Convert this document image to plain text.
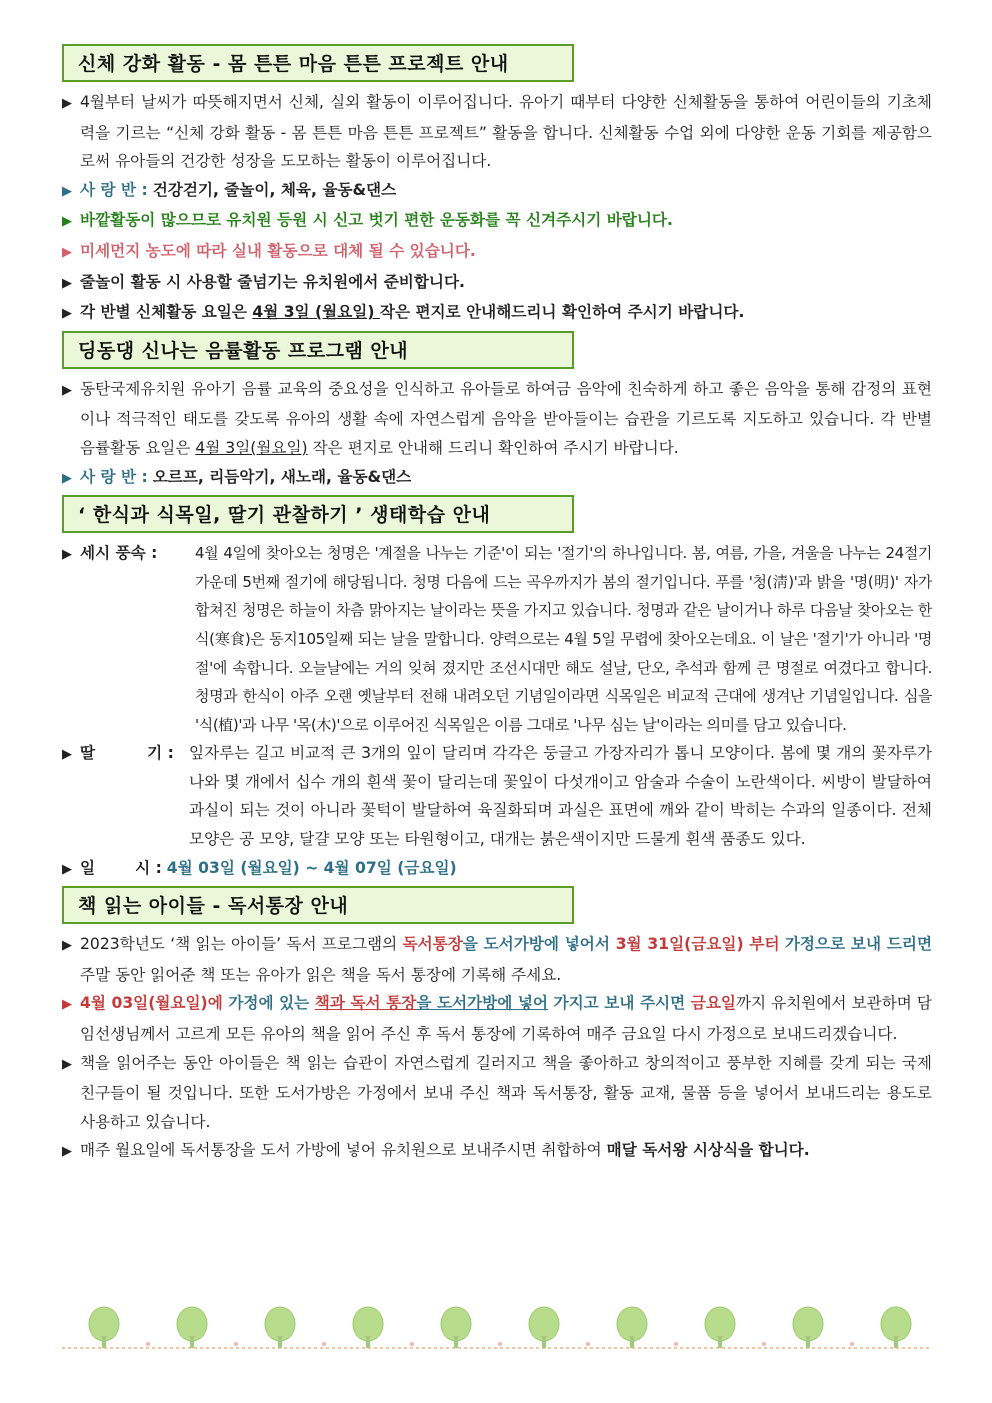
신체 강화 활동 - 몸 튼튼 마음 튼튼 프로젝트 안내

▶ 4월부터 날씨가 따뜻해지면서 신체, 실외 활동이 이루어집니다. 유아기 때부터 다양한 신체활동을 통하여 어린이들의 기초체력을 기르는 “신체 강화 활동 - 몸 튼튼 마음 튼튼 프로젝트” 활동을 합니다. 신체활동 수업 외에 다양한 운동 기회를 제공함으로써 유아들의 건강한 성장을 도모하는 활동이 이루어집니다.

▶ 사 랑 반 : 건강걷기, 줄놀이, 체육, 율동&댄스

▶ 바깥활동이 많으므로 유치원 등원 시 신고 벗기 편한 운동화를 꼭 신겨주시기 바랍니다.

▶ 미세먼지 농도에 따라 실내 활동으로 대체 될 수 있습니다.

▶ 줄놀이 활동 시 사용할 줄넘기는 유치원에서 준비합니다.

▶ 각 반별 신체활동 요일은 4월 3일 (월요일) 작은 편지로 안내해드리니 확인하여 주시기 바랍니다.

딩동댕 신나는 음률활동 프로그램 안내

▶ 동탄국제유치원 유아기 음률 교육의 중요성을 인식하고 유아들로 하여금 음악에 친숙하게 하고 좋은 음악을 통해 감정의 표현이나 적극적인 태도를 갖도록 유아의 생활 속에 자연스럽게 음악을 받아들이는 습관을 기르도록 지도하고 있습니다. 각 반별 음률활동 요일은 4월 3일(월요일) 작은 편지로 안내해 드리니 확인하여 주시기 바랍니다.

▶ 사 랑 반 : 오르프, 리듬악기, 새노래, 율동&댄스

‘ 한식과 식목일, 딸기 관찰하기 ’ 생태학습 안내
▶ 세시 풍속 :	4월 4일에 찾아오는 청명은 '계절을 나누는 기준'이 되는 '절기'의 하나입니다. 봄, 여름, 가을, 겨울을 나누는 24절기 가운데 5번째 절기에 해당됩니다. 청명 다음에 드는 곡우까지가 봄의 절기입니다. 푸를 '청(淸)'과 밝을 '명(明)' 자가 합쳐진 청명은 하늘이 차츰 맑아지는 날이라는 뜻을 가지고 있습니다. 청명과 같은 날이거나 하루 다음날 찾아오는 한식(寒食)은 동지105일째 되는 날을 말합니다. 양력으로는 4월 5일 무렵에 찾아오는데요. 이 날은 '절기'가 아니라 '명절'에 속합니다. 오늘날에는 거의 잊혀 졌지만 조선시대만 해도 설날, 단오, 추석과 함께 큰 명절로 여겼다고 합니다. 청명과 한식이 아주 오랜 옛날부터 전해 내려오던 기념일이라면 식목일은 비교적 근대에 생겨난 기념일입니다. 심을 '식(植)'과 나무 '목(木)'으로 이루어진 식목일은 이름 그대로 '나무 심는 날'이라는 의미를 담고 있습니다.
▶ 딸	기 : 잎자루는 길고 비교적 큰 3개의 잎이 달리며 각각은 둥글고 가장자리가 톱니 모양이다. 봄에 몇 개의 꽃자루가 나와 몇 개에서 십수 개의 흰색 꽃이 달리는데 꽃잎이 다섯개이고 암술과 수술이 노란색이다. 씨방이 발달하여 과실이 되는 것이 아니라 꽃턱이 발달하여 육질화되며 과실은 표면에 깨와 같이 박히는 수과의 일종이다. 전체 모양은 공 모양, 달걀 모양 또는 타원형이고, 대개는 붉은색이지만 드물게 흰색 품종도 있다.

▶ 일	시 : 4월 03일 (월요일) ~ 4월 07일 (금요일)

책 읽는 아이들 - 독서통장 안내

▶ 2023학년도 ‘책 읽는 아이들’ 독서 프로그램의 독서통장을 도서가방에 넣어서 3월 31일(금요일) 부터 가정으로 보내 드리면 주말 동안 읽어준 책 또는 유아가 읽은 책을 독서 통장에 기록해 주세요.

▶ 4월 03일(월요일)에 가정에 있는 책과 독서 통장을 도서가방에 넣어 가지고 보내 주시면 금요일까지 유치원에서 보관하며 담임선생님께서 고르게 모든 유아의 책을 읽어 주신 후 독서 통장에 기록하여 매주 금요일 다시 가정으로 보내드리겠습니다.

▶ 책을 읽어주는 동안 아이들은 책 읽는 습관이 자연스럽게 길러지고 책을 좋아하고 창의적이고 풍부한 지혜를 갖게 되는 국제 친구들이 될 것입니다. 또한 도서가방은 가정에서 보내 주신 책과 독서통장, 활동 교재, 물품 등을 넣어서 보내드리는 용도로 사용하고 있습니다.

▶ 매주 월요일에 독서통장을 도서 가방에 넣어 유치원으로 보내주시면 취합하여 매달 독서왕 시상식을 합니다.
